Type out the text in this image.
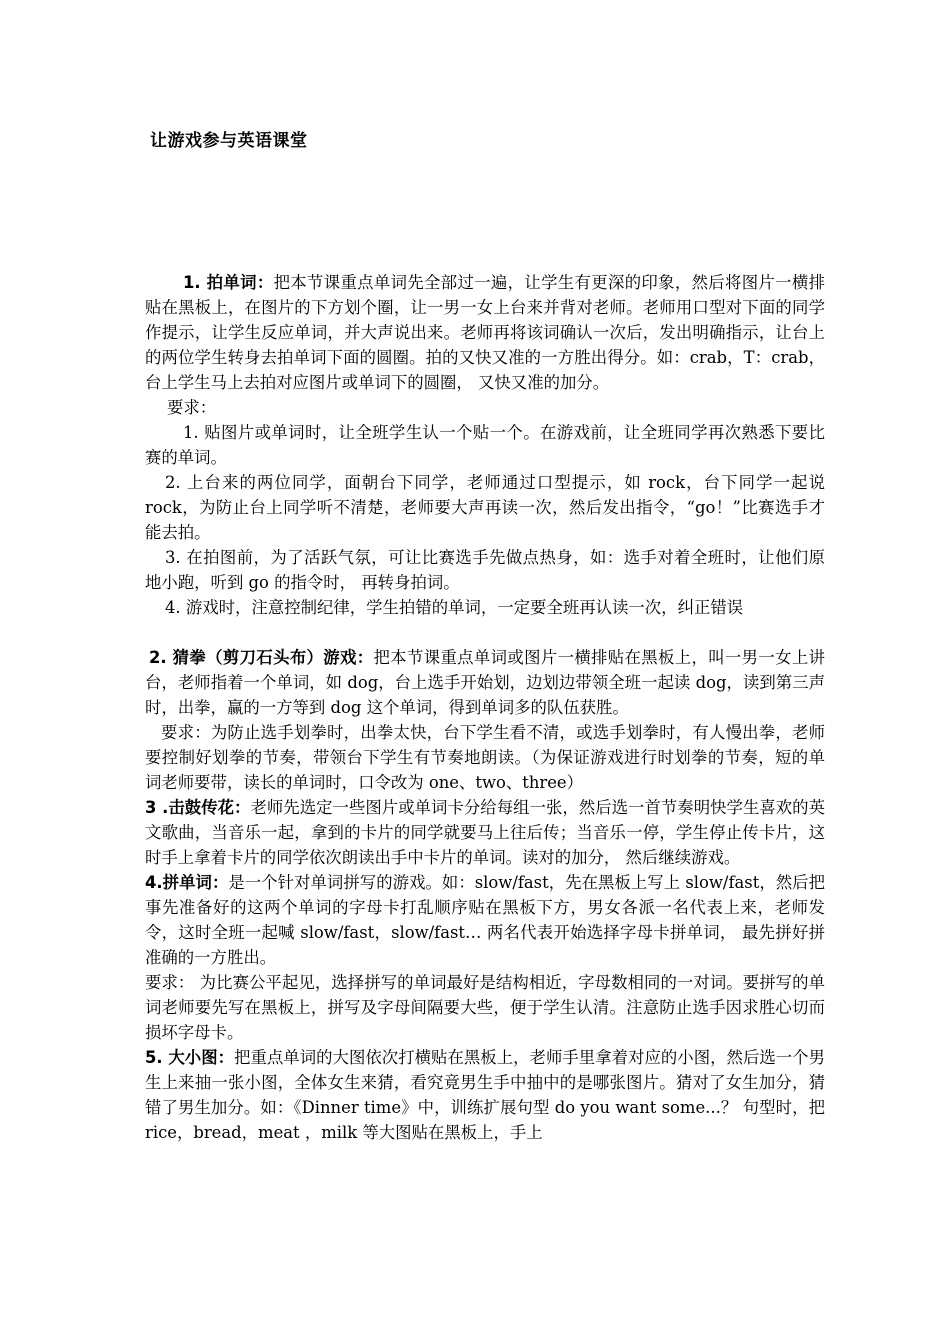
让游戏参与英语课堂

1. 拍单词：把本节课重点单词先全部过一遍，让学生有更深的印象，然后将图片一横排贴在黑板上，在图片的下方划个圈，让一男一女上台来并背对老师。老师用口型对下面的同学作提示，让学生反应单词，并大声说出来。老师再将该词确认一次后，发出明确指示，让台上的两位学生转身去拍单词下面的圆圈。拍的又快又准的一方胜出得分。如：crab，T：crab，台上学生马上去拍对应图片或单词下的圆圈， 又快又准的加分。

要求：

1. 贴图片或单词时，让全班学生认一个贴一个。在游戏前，让全班同学再次熟悉下要比赛的单词。

2. 上台来的两位同学，面朝台下同学，老师通过口型提示，如 rock，台下同学一起说 rock，为防止台上同学听不清楚，老师要大声再读一次，然后发出指令，“go！”比赛选手才能去拍。

3. 在拍图前，为了活跃气氛，可让比赛选手先做点热身，如：选手对着全班时，让他们原地小跑，听到 go 的指令时， 再转身拍词。

4. 游戏时，注意控制纪律，学生拍错的单词，一定要全班再认读一次，纠正错误

2. 猜拳（剪刀石头布）游戏：把本节课重点单词或图片一横排贴在黑板上，叫一男一女上讲台，老师指着一个单词，如 dog，台上选手开始划，边划边带领全班一起读 dog，读到第三声时，出拳，赢的一方等到 dog 这个单词，得到单词多的队伍获胜。

要求：为防止选手划拳时，出拳太快，台下学生看不清，或选手划拳时，有人慢出拳，老师要控制好划拳的节奏，带领台下学生有节奏地朗读。（为保证游戏进行时划拳的节奏，短的单词老师要带，读长的单词时，口令改为 one、two、three）

3 .击鼓传花：老师先选定一些图片或单词卡分给每组一张，然后选一首节奏明快学生喜欢的英文歌曲，当音乐一起，拿到的卡片的同学就要马上往后传；当音乐一停，学生停止传卡片，这时手上拿着卡片的同学依次朗读出手中卡片的单词。读对的加分， 然后继续游戏。

4.拼单词：是一个针对单词拼写的游戏。如：slow/fast，先在黑板上写上 slow/fast，然后把事先准备好的这两个单词的字母卡打乱顺序贴在黑板下方，男女各派一名代表上来，老师发令，这时全班一起喊 slow/fast，slow/fast… 两名代表开始选择字母卡拼单词， 最先拼好拼准确的一方胜出。

要求： 为比赛公平起见，选择拼写的单词最好是结构相近，字母数相同的一对词。要拼写的单词老师要先写在黑板上，拼写及字母间隔要大些，便于学生认清。注意防止选手因求胜心切而损坏字母卡。

5. 大小图：把重点单词的大图依次打横贴在黑板上，老师手里拿着对应的小图，然后选一个男生上来抽一张小图，全体女生来猜，看究竟男生手中抽中的是哪张图片。猜对了女生加分，猜错了男生加分。如：《Dinner time》中，训练扩展句型 do you want some...？ 句型时，把 rice，bread，meat ，milk 等大图贴在黑板上，手上
